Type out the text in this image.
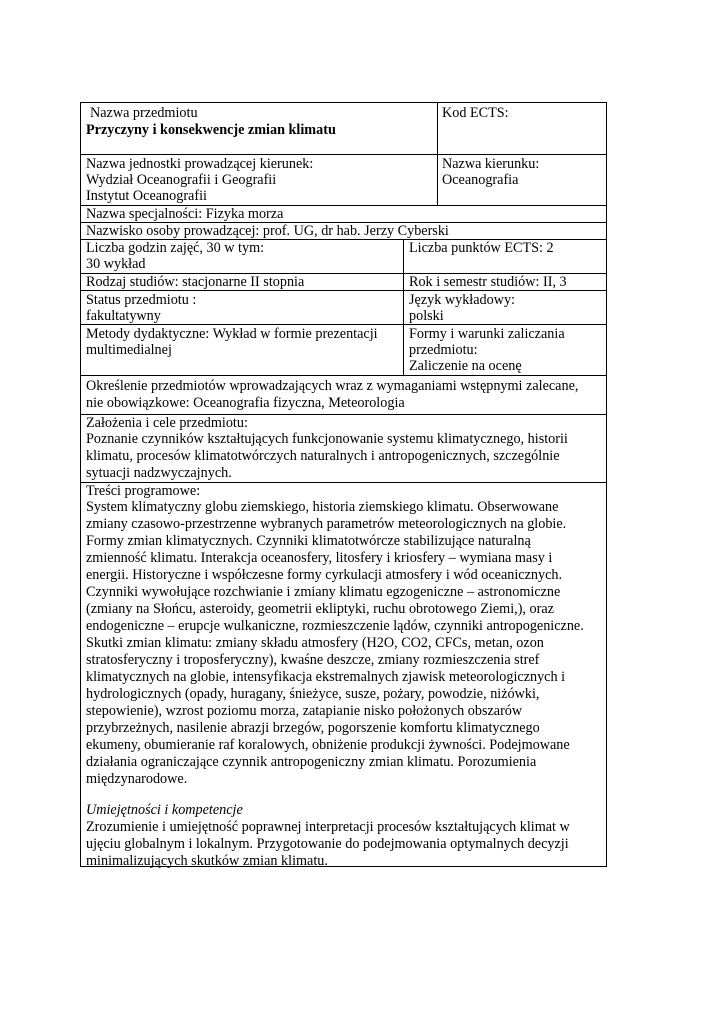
Nazwa przedmiotu
Przyczyny i konsekwencje zmian klimatu
Kod ECTS:
Nazwa jednostki prowadzącej kierunek:
Wydział Oceanografii i Geografii
Instytut Oceanografii
Nazwa kierunku:
Oceanografia
Nazwa specjalności: Fizyka morza
Nazwisko osoby prowadzącej: prof. UG, dr hab. Jerzy Cyberski
Liczba godzin zajęć, 30 w tym:
30 wykład
Liczba punktów ECTS: 2
Rodzaj studiów: stacjonarne II stopnia	Rok i semestr studiów: II, 3
Status przedmiotu :
fakultatywny
Język wykładowy:
polski
Metody dydaktyczne: Wykład w formie prezentacji
multimedialnej
Formy i warunki zaliczania
przedmiotu:
Zaliczenie na ocenę
Określenie przedmiotów wprowadzających wraz z wymaganiami wstępnymi zalecane,
nie obowiązkowe: Oceanografia fizyczna, Meteorologia
Założenia i cele przedmiotu:
Poznanie czynników kształtujących funkcjonowanie systemu klimatycznego, historii
klimatu, procesów klimatotwórczych naturalnych i antropogenicznych, szczególnie
sytuacji nadzwyczajnych.
Treści programowe:
System klimatyczny globu ziemskiego, historia ziemskiego klimatu. Obserwowane
zmiany czasowo-przestrzenne wybranych parametrów meteorologicznych na globie.
Formy zmian klimatycznych. Czynniki klimatotwórcze stabilizujące naturalną
zmienność klimatu. Interakcja oceanosfery, litosfery i kriosfery – wymiana masy i
energii. Historyczne i współczesne formy cyrkulacji atmosfery i wód oceanicznych.
Czynniki wywołujące rozchwianie i zmiany klimatu egzogeniczne – astronomiczne
(zmiany na Słońcu, asteroidy, geometrii ekliptyki, ruchu obrotowego Ziemi,), oraz
endogeniczne – erupcje wulkaniczne, rozmieszczenie lądów, czynniki antropogeniczne.
Skutki zmian klimatu: zmiany składu atmosfery (H2O, CO2, CFCs, metan, ozon
stratosferyczny i troposferyczny), kwaśne deszcze, zmiany rozmieszczenia stref
klimatycznych na globie, intensyfikacja ekstremalnych zjawisk meteorologicznych i
hydrologicznych (opady, huragany, śnieżyce, susze, pożary, powodzie, niżówki,
stepowienie), wzrost poziomu morza, zatapianie nisko położonych obszarów
przybrzeżnych, nasilenie abrazji brzegów, pogorszenie komfortu klimatycznego
ekumeny, obumieranie raf koralowych, obniżenie produkcji żywności. Podejmowane
działania ograniczające czynnik antropogeniczny zmian klimatu. Porozumienia
międzynarodowe.
Umiejętności i kompetencje
Zrozumienie i umiejętność poprawnej interpretacji procesów kształtujących klimat w
ujęciu globalnym i lokalnym. Przygotowanie do podejmowania optymalnych decyzji
minimalizujących skutków zmian klimatu.
